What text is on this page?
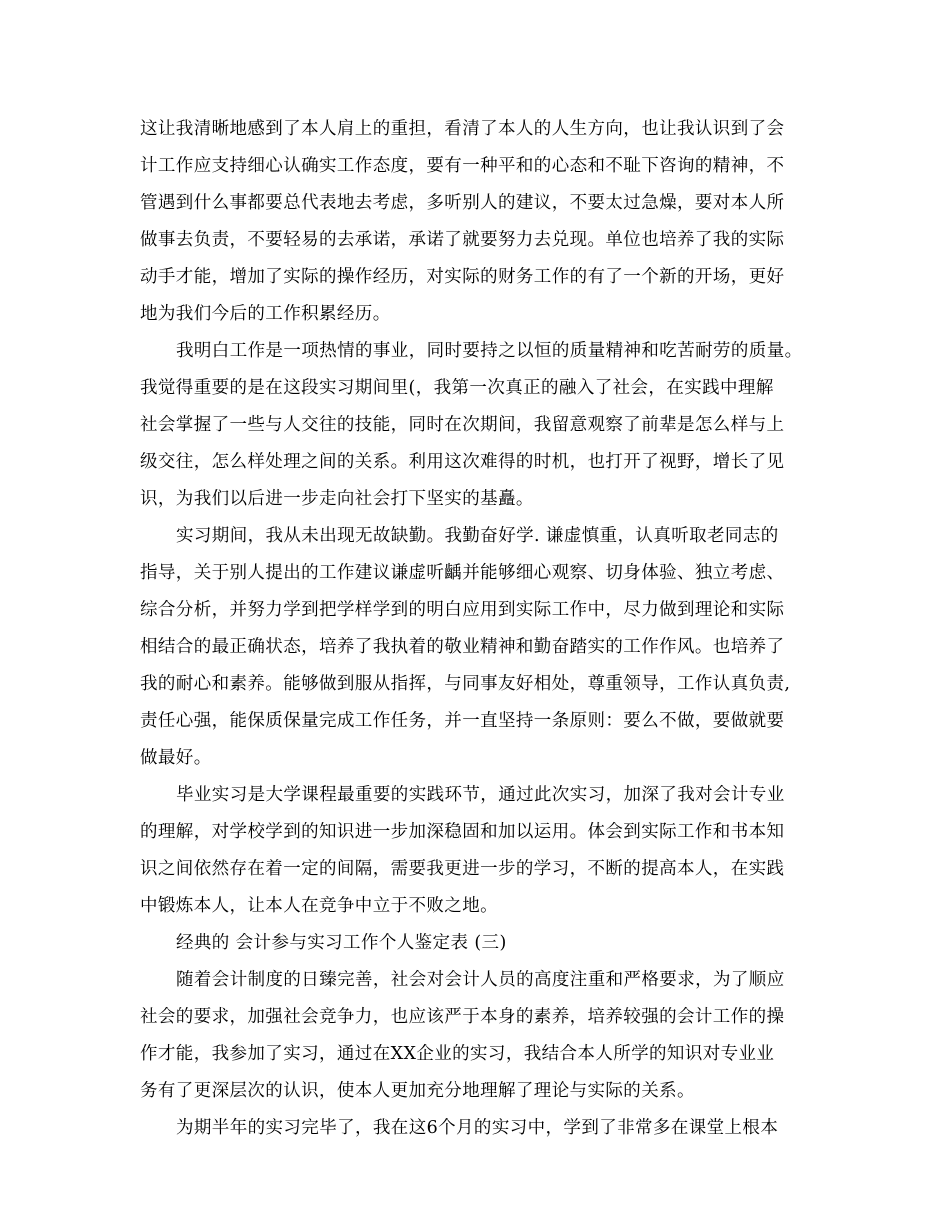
这让我清晰地感到了本人肩上的重担，看清了本人的人生方向，也让我认识到了会
计工作应支持细心认确实工作态度，要有一种平和的心态和不耻下咨询的精神，不
管遇到什么事都要总代表地去考虑，多听别人的建议，不要太过急燥，要对本人所
做事去负责，不要轻易的去承诺，承诺了就要努力去兑现。单位也培养了我的实际
动手才能，增加了实际的操作经历，对实际的财务工作的有了一个新的开场，更好
地为我们今后的工作积累经历。
我明白工作是一项热情的事业，同时要持之以恒的质量精神和吃苦耐劳的质量。
我觉得重要的是在这段实习期间里(，我第一次真正的融入了社会，在实践中理解
社会掌握了一些与人交往的技能，同时在次期间，我留意观察了前辈是怎么样与上
级交往，怎么样处理之间的关系。利用这次难得的时机，也打开了视野，增长了见
识，为我们以后进一步走向社会打下坚实的基矗。
实习期间，我从未出现无故缺勤。我勤奋好学. 谦虚慎重，认真听取老同志的
指导，关于别人提出的工作建议谦虚听齲并能够细心观察、切身体验、独立考虑、
综合分析，并努力学到把学样学到的明白应用到实际工作中，尽力做到理论和实际
相结合的最正确状态，培养了我执着的敬业精神和勤奋踏实的工作作风。也培养了
我的耐心和素养。能够做到服从指挥，与同事友好相处，尊重领导，工作认真负责,
责任心强，能保质保量完成工作任务，并一直坚持一条原则：要么不做，要做就要
做最好。
毕业实习是大学课程最重要的实践环节，通过此次实习，加深了我对会计专业
的理解，对学校学到的知识进一步加深稳固和加以运用。体会到实际工作和书本知
识之间依然存在着一定的间隔，需要我更进一步的学习，不断的提高本人，在实践
中锻炼本人，让本人在竞争中立于不败之地。
经典的 会计参与实习工作个人鉴定表 (三)
随着会计制度的日臻完善，社会对会计人员的高度注重和严格要求，为了顺应
社会的要求，加强社会竞争力，也应该严于本身的素养，培养较强的会计工作的操
作才能，我参加了实习，通过在XX企业的实习，我结合本人所学的知识对专业业
务有了更深层次的认识，使本人更加充分地理解了理论与实际的关系。
为期半年的实习完毕了，我在这6个月的实习中，学到了非常多在课堂上根本
